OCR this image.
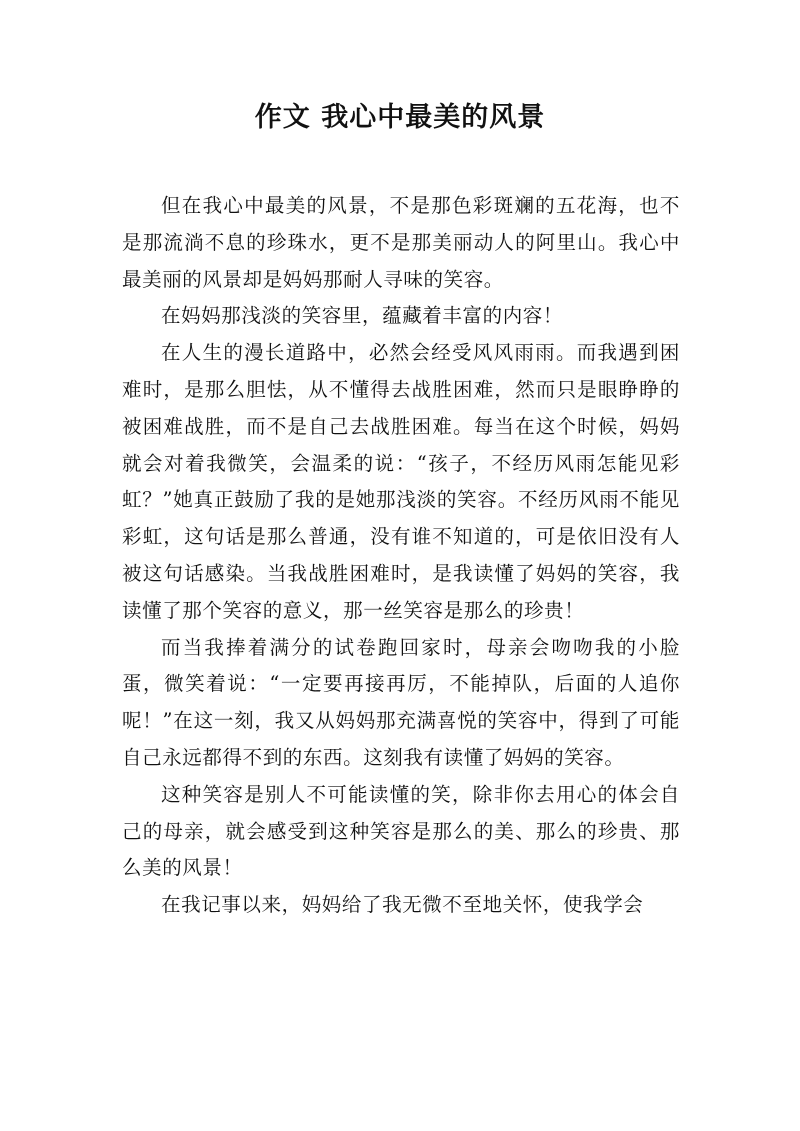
作文 我心中最美的风景

但在我心中最美的风景，不是那色彩斑斓的五花海，也不是那流淌不息的珍珠水，更不是那美丽动人的阿里山。我心中最美丽的风景却是妈妈那耐人寻味的笑容。

在妈妈那浅淡的笑容里，蕴藏着丰富的内容！

在人生的漫长道路中，必然会经受风风雨雨。而我遇到困难时，是那么胆怯，从不懂得去战胜困难，然而只是眼睁睁的被困难战胜，而不是自己去战胜困难。每当在这个时候，妈妈就会对着我微笑，会温柔的说：“孩子，不经历风雨怎能见彩虹？”她真正鼓励了我的是她那浅淡的笑容。不经历风雨不能见彩虹，这句话是那么普通，没有谁不知道的，可是依旧没有人被这句话感染。当我战胜困难时，是我读懂了妈妈的笑容，我读懂了那个笑容的意义，那一丝笑容是那么的珍贵！

而当我捧着满分的试卷跑回家时，母亲会吻吻我的小脸蛋，微笑着说：“一定要再接再厉，不能掉队，后面的人追你呢！”在这一刻，我又从妈妈那充满喜悦的笑容中，得到了可能自己永远都得不到的东西。这刻我有读懂了妈妈的笑容。

这种笑容是别人不可能读懂的笑，除非你去用心的体会自己的母亲，就会感受到这种笑容是那么的美、那么的珍贵、那么美的风景！

在我记事以来，妈妈给了我无微不至地关怀，使我学会
